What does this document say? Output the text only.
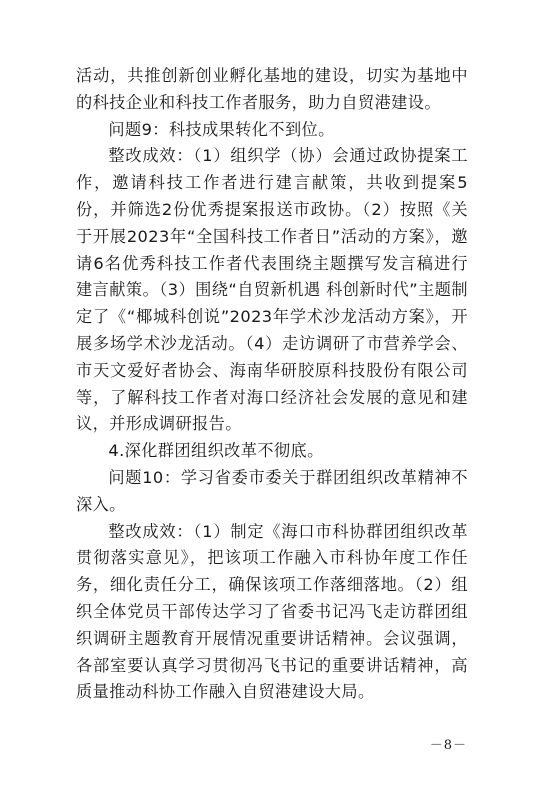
活动，共推创新创业孵化基地的建设，切实为基地中的科技企业和科技工作者服务，助力自贸港建设。

问题9：科技成果转化不到位。

整改成效：（1）组织学（协）会通过政协提案工作，邀请科技工作者进行建言献策，共收到提案5份，并筛选2份优秀提案报送市政协。（2）按照《关于开展2023年“全国科技工作者日”活动的方案》，邀请6名优秀科技工作者代表围绕主题撰写发言稿进行建言献策。（3）围绕“自贸新机遇 科创新时代”主题制定了《“椰城科创说”2023年学术沙龙活动方案》，开展多场学术沙龙活动。（4）走访调研了市营养学会、市天文爱好者协会、海南华研胶原科技股份有限公司等，了解科技工作者对海口经济社会发展的意见和建议，并形成调研报告。

4.深化群团组织改革不彻底。

问题10：学习省委市委关于群团组织改革精神不深入。

整改成效：（1）制定《海口市科协群团组织改革贯彻落实意见》，把该项工作融入市科协年度工作任务，细化责任分工，确保该项工作落细落地。（2）组织全体党员干部传达学习了省委书记冯飞走访群团组织调研主题教育开展情况重要讲话精神。会议强调，各部室要认真学习贯彻冯飞书记的重要讲话精神，高质量推动科协工作融入自贸港建设大局。

－8－
